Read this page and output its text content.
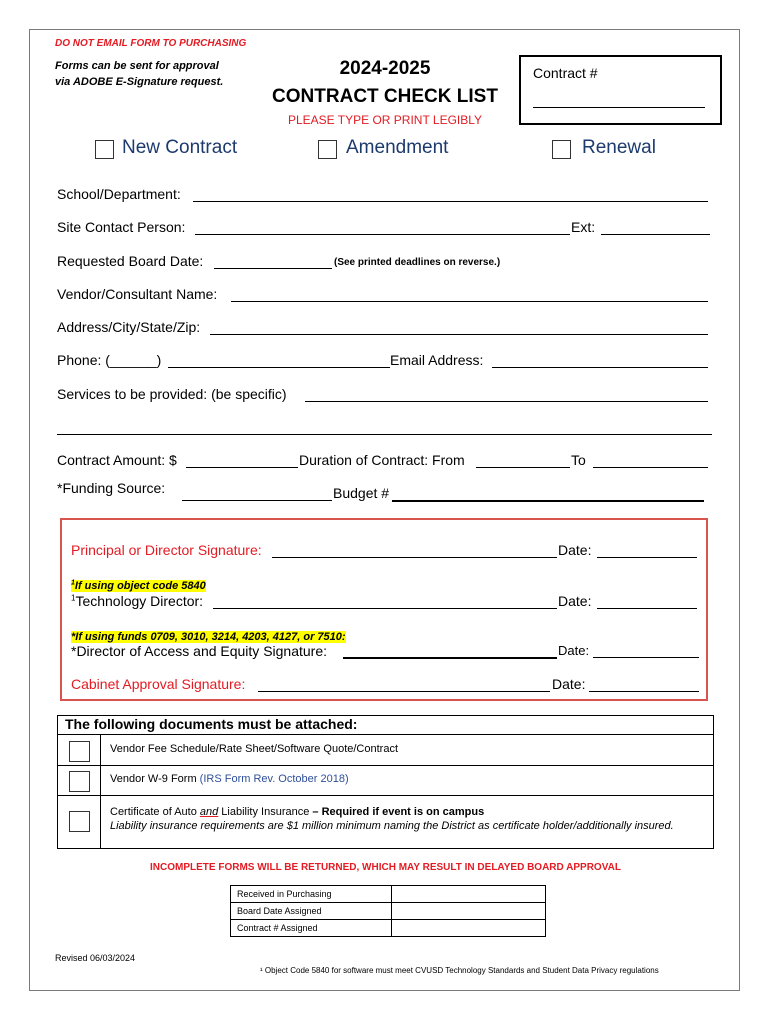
DO NOT EMAIL FORM TO PURCHASING
Forms can be sent for approval
via ADOBE E-Signature request.
2024-2025
CONTRACT CHECK LIST
PLEASE TYPE OR PRINT LEGIBLY
Contract #
New Contract	Amendment	Renewal
School/Department:
Site Contact Person:	Ext:
Requested Board Date:	(See printed deadlines on reverse.)
Vendor/Consultant Name:
Address/City/State/Zip:
Phone: (______)	Email Address:
Services to be provided: (be specific)
Contract Amount: $	Duration of Contract: From	To
*Funding Source:	Budget #
Principal or Director Signature:	Date:
$^1$If using object code 5840
$^1$Technology Director:	Date:
*If using funds 0709, 3010, 3214, 4203, 4127, or 7510:
*Director of Access and Equity Signature:	Date:
Cabinet Approval Signature:	Date:
The following documents must be attached:
Vendor Fee Schedule/Rate Sheet/Software Quote/Contract
Vendor W-9 Form (IRS Form Rev. October 2018)
Certificate of Auto and Liability Insurance – Required if event is on campus
Liability insurance requirements are $1 million minimum naming the District as certificate holder/additionally insured.
INCOMPLETE FORMS WILL BE RETURNED, WHICH MAY RESULT IN DELAYED BOARD APPROVAL
Received in Purchasing	
Board Date Assigned	
Contract # Assigned	
Revised 06/03/2024
¹ Object Code 5840 for software must meet CVUSD Technology Standards and Student Data Privacy regulations
